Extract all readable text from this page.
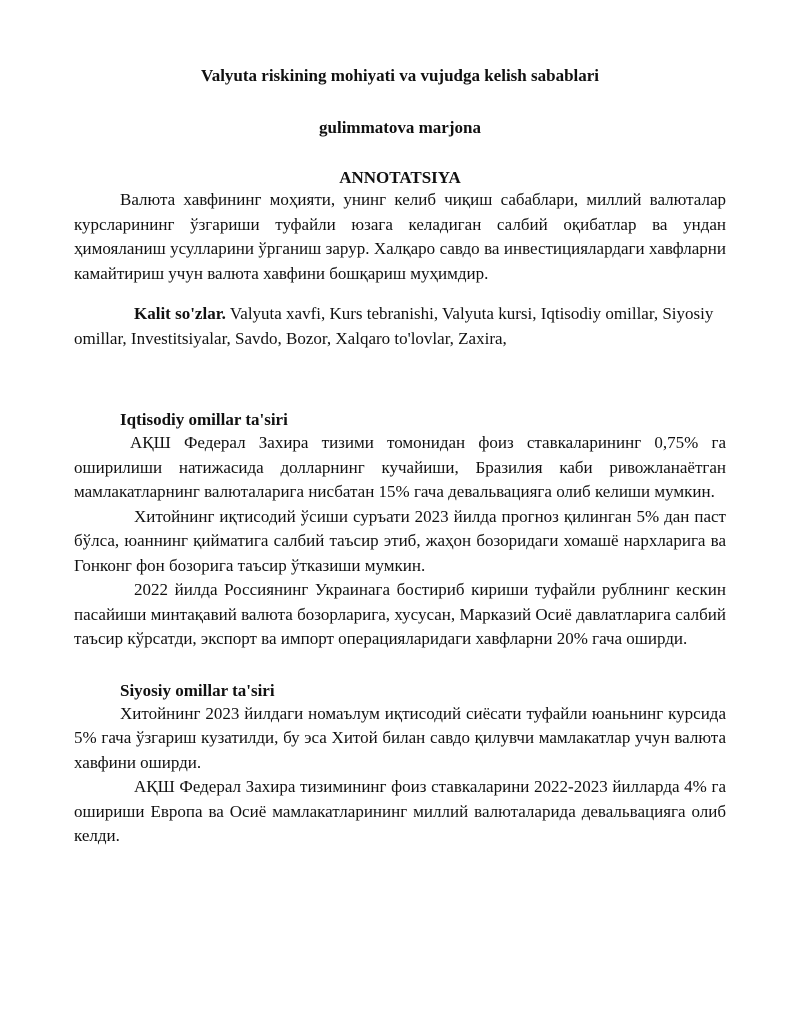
Valyuta riskining mohiyati va vujudga kelish sabablari
gulimmatova marjona
ANNOTATSIYA

Валюта хавфининг моҳияти, унинг келиб чиқиш сабаблари, миллий валюталар курсларининг ўзгариши туфайли юзага келадиган салбий оқибатлар ва ундан ҳимояланиш усулларини ўрганиш зарур. Халқаро савдо ва инвестициялардаги хавфларни камайтириш учун валюта хавфини бошқариш муҳимдир.

Kalit so'zlar. Valyuta xavfi, Kurs tebranishi, Valyuta kursi, Iqtisodiy omillar, Siyosiy omillar, Investitsiyalar, Savdo, Bozor, Xalqaro to'lovlar, Zaxira,

Iqtisodiy omillar ta'siri

АҚШ Федерал Захира тизими томонидан фоиз ставкаларининг 0,75% га оширилиши натижасида долларнинг кучайиши, Бразилия каби ривожланаётган мамлакатларнинг валюталарига нисбатан 15% гача девальвацияга олиб келиши мумкин.

Хитойнинг иқтисодий ўсиши суръати 2023 йилда прогноз қилинган 5% дан паст бўлса, юаннинг қийматига салбий таъсир этиб, жаҳон бозоридаги хомашё нархларига ва Гонконг фон бозорига таъсир ўтказиши мумкин.

2022 йилда Россиянинг Украинага бостириб кириши туфайли рублнинг кескин пасайиши минтақавий валюта бозорларига, хусусан, Марказий Осиё давлатларига салбий таъсир кўрсатди, экспорт ва импорт операцияларидаги хавфларни 20% гача оширди.

Siyosiy omillar ta'siri

Хитойнинг 2023 йилдаги номаълум иқтисодий сиёсати туфайли юаньнинг курсида 5% гача ўзгариш кузатилди, бу эса Хитой билан савдо қилувчи мамлакатлар учун валюта хавфини оширди.

АҚШ Федерал Захира тизимининг фоиз ставкаларини 2022-2023 йилларда 4% га ошириши Европа ва Осиё мамлакатларининг миллий валюталарида девальвацияга олиб келди.
